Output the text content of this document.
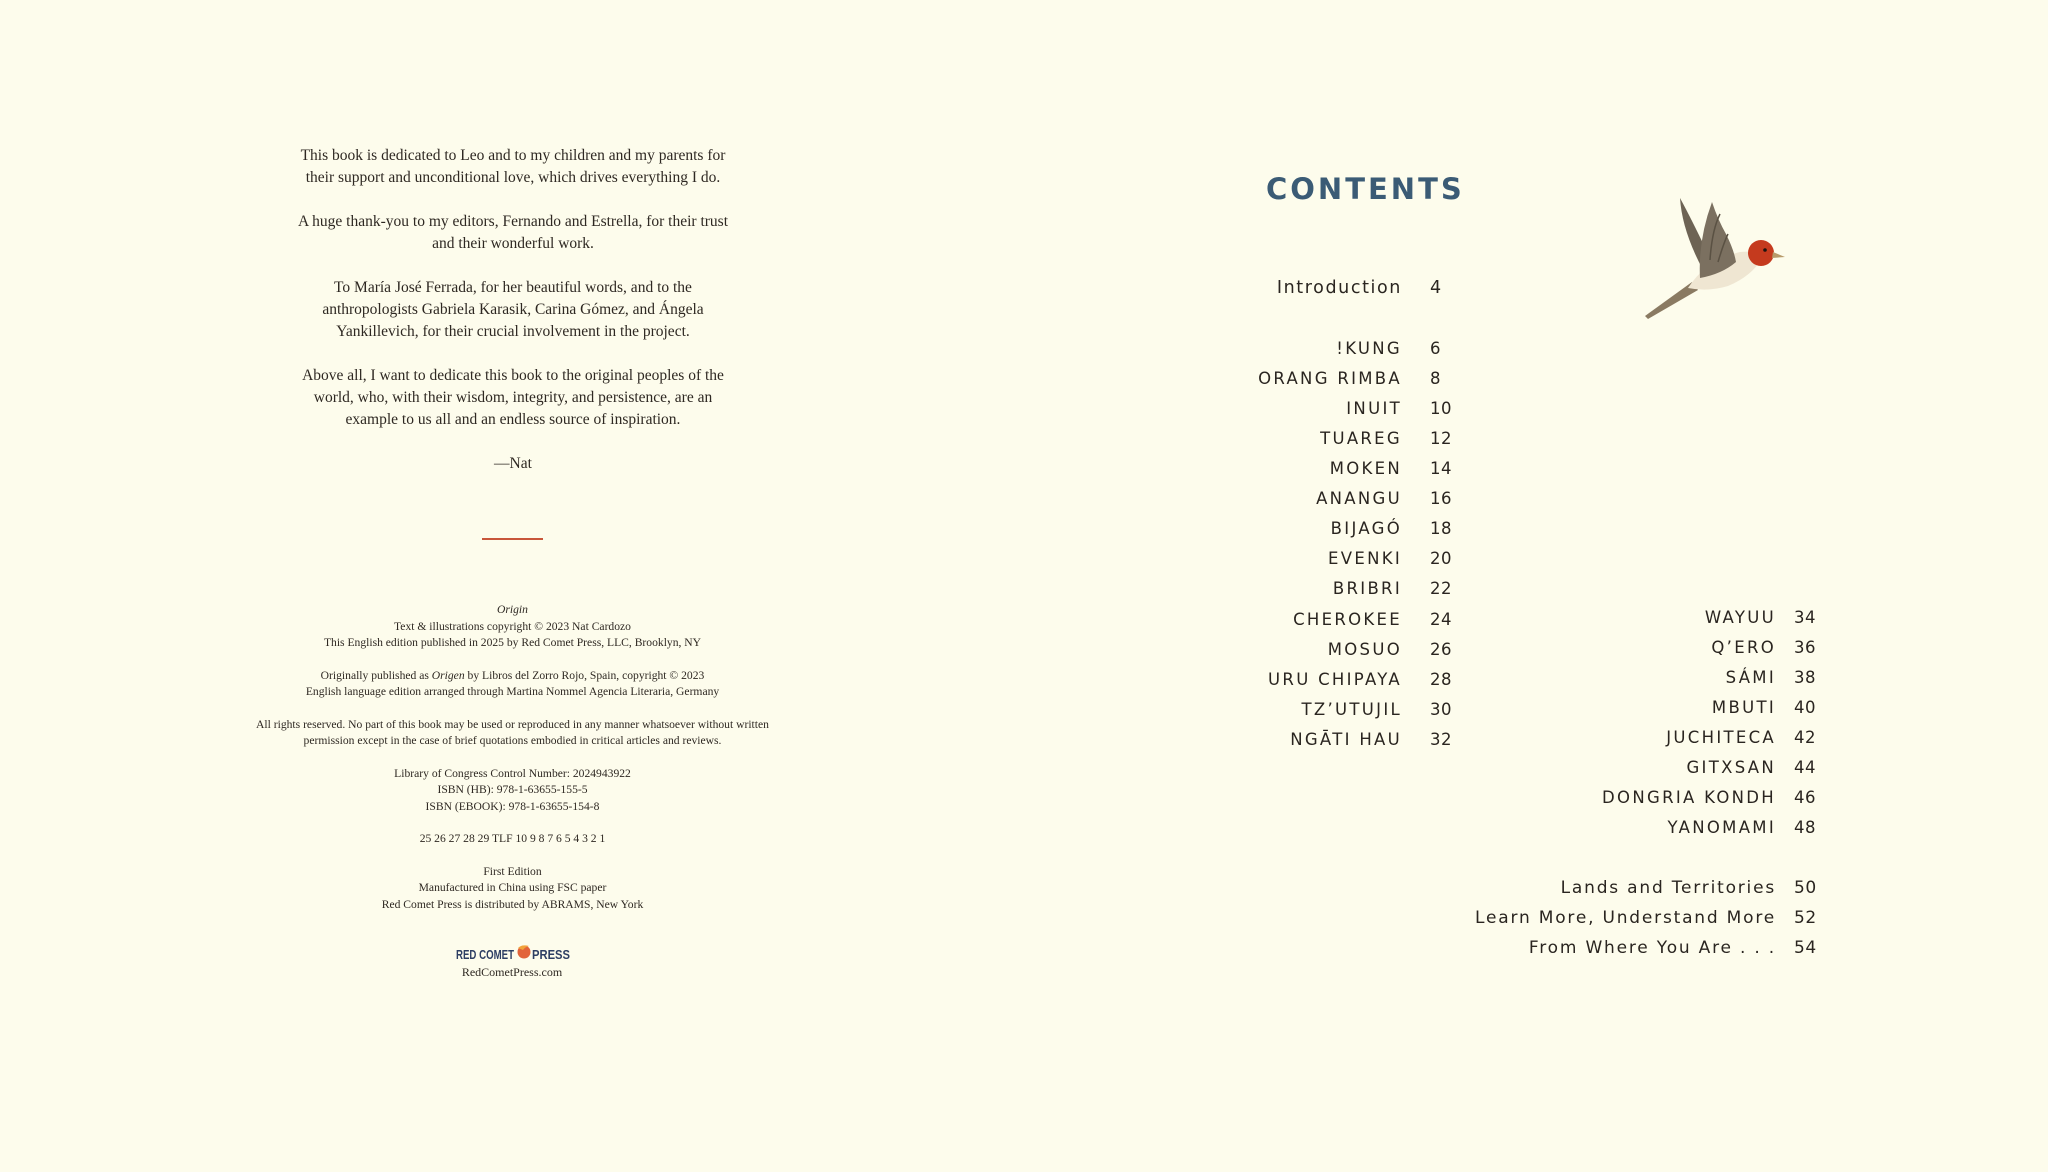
This book is dedicated to Leo and to my children and my parents for
their support and unconditional love, which drives everything I do.

A huge thank-you to my editors, Fernando and Estrella, for their trust
and their wonderful work.

To María José Ferrada, for her beautiful words, and to the
anthropologists Gabriela Karasik, Carina Gómez, and Ángela
Yankillevich, for their crucial involvement in the project.

Above all, I want to dedicate this book to the original peoples of the
world, who, with their wisdom, integrity, and persistence, are an
example to us all and an endless source of inspiration.

—Nat

Origin
Text & illustrations copyright © 2023 Nat Cardozo
This English edition published in 2025 by Red Comet Press, LLC, Brooklyn, NY
Originally published as Origen by Libros del Zorro Rojo, Spain, copyright © 2023
English language edition arranged through Martina Nommel Agencia Literaria, Germany
All rights reserved. No part of this book may be used or reproduced in any manner whatsoever without written
permission except in the case of brief quotations embodied in critical articles and reviews.
Library of Congress Control Number: 2024943922
ISBN (HB): 978-1-63655-155-5
ISBN (EBOOK): 978-1-63655-154-8
25 26 27 28 29 TLF 10 9 8 7 6 5 4 3 2 1
First Edition
Manufactured in China using FSC paper
Red Comet Press is distributed by ABRAMS, New York
RED COMET PRESS
RedCometPress.com
CONTENTS
Introduction 4
!KUNG 6
ORANG RIMBA 8
INUIT 10
TUAREG 12
MOKEN 14
ANANGU 16
BIJAGÓ 18
EVENKI 20
BRIBRI 22
CHEROKEE 24
MOSUO 26
URU CHIPAYA 28
TZ’UTUJIL 30
NGĀTI HAU 32
WAYUU 34
Q’ERO 36
SÁMI 38
MBUTI 40
JUCHITECA 42
GITXSAN 44
DONGRIA KONDH 46
YANOMAMI 48
Lands and Territories 50
Learn More, Understand More 52
From Where You Are . . . 54
